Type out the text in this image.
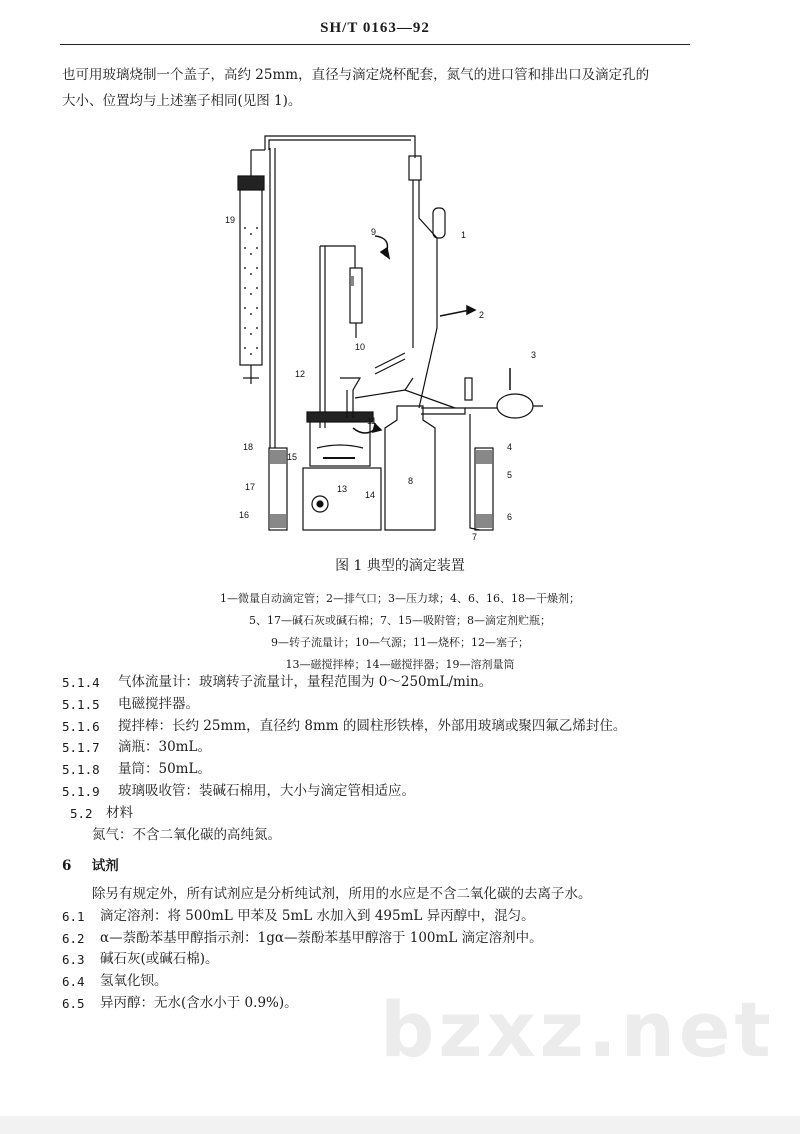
SH/T 0163—92

也可用玻璃烧制一个盖子，高约 25mm，直径与滴定烧杯配套，氮气的进口管和排出口及滴定孔的

大小、位置均与上述塞子相同(见图 1)。

19
1
2
3
4
5
6
7
8
9
10
11
12
13
14
15
16
17
18
图 1 典型的滴定装置
1—微量自动滴定管；2—排气口；3—压力球；4、6、16、18—干燥剂；
5、17—碱石灰或碱石棉；7、15—吸附管；8—滴定剂贮瓶；
9—转子流量计；10—气源；11—烧杯；12—塞子；
13—磁搅拌棒；14—磁搅拌器；19—溶剂量筒
5.1.4 气体流量计：玻璃转子流量计，量程范围为 0～250mL/min。
5.1.5 电磁搅拌器。
5.1.6 搅拌棒：长约 25mm，直径约 8mm 的圆柱形铁棒，外部用玻璃或聚四氟乙烯封住。
5.1.7 滴瓶：30mL。
5.1.8 量筒：50mL。
5.1.9 玻璃吸收管：装碱石棉用，大小与滴定管相适应。
5.2 材料
氮气：不含二氧化碳的高纯氮。
6 试剂
除另有规定外，所有试剂应是分析纯试剂，所用的水应是不含二氧化碳的去离子水。
6.1 滴定溶剂：将 500mL 甲苯及 5mL 水加入到 495mL 异丙醇中，混匀。
6.2 α—萘酚苯基甲醇指示剂：1gα—萘酚苯基甲醇溶于 100mL 滴定溶剂中。
6.3 碱石灰(或碱石棉)。
6.4 氢氧化钡。
6.5 异丙醇：无水(含水小于 0.9%)。 bzxz.net
